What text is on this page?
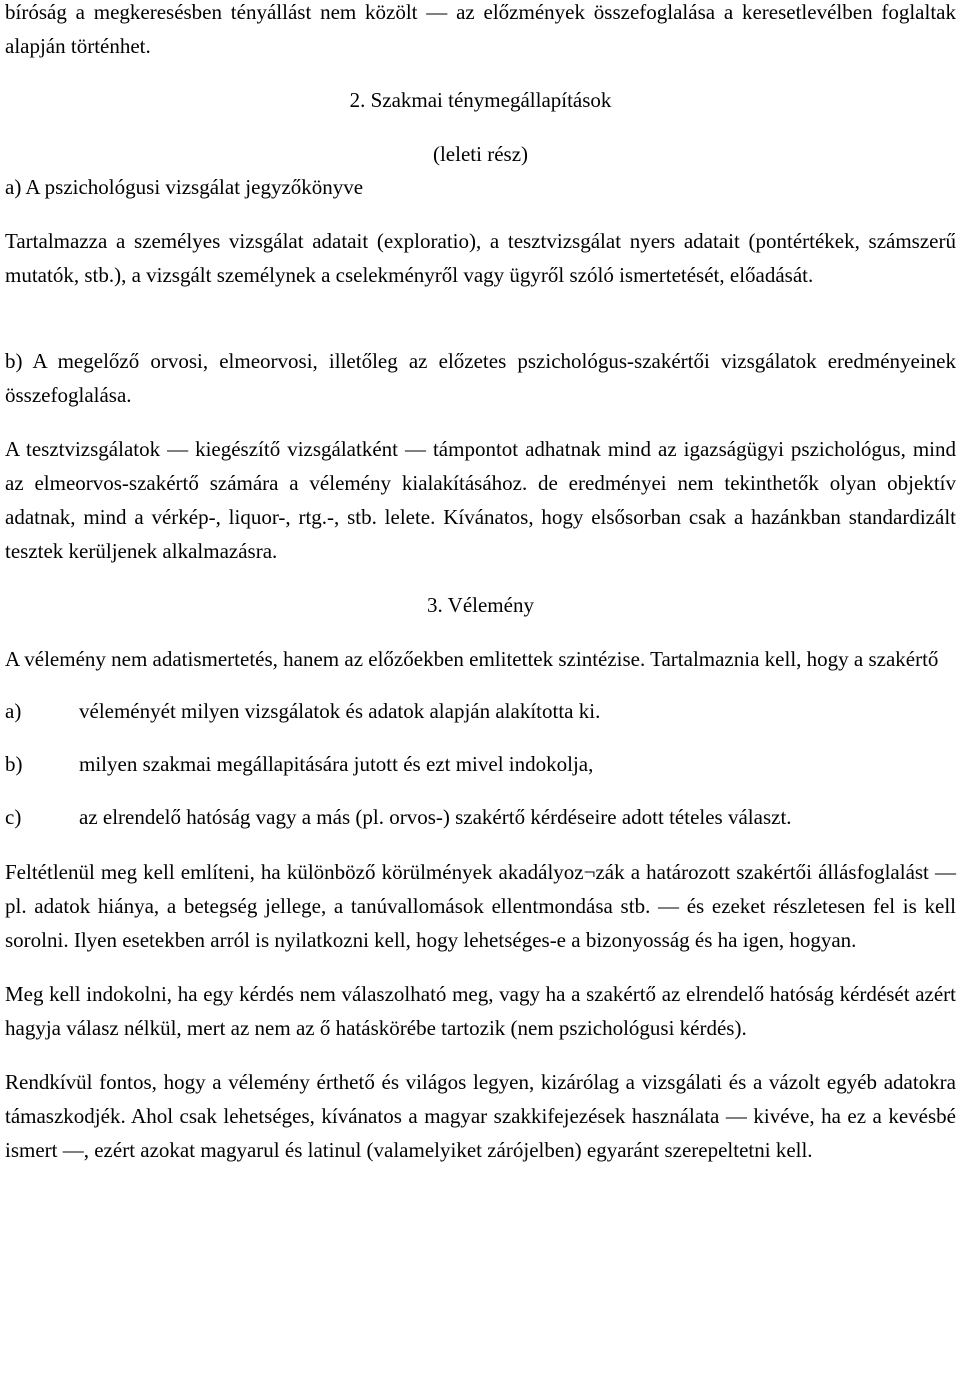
bíróság a megkeresésben tényállást nem közölt — az előzmények összefoglalása a keresetlevélben foglaltak alapján történhet.

2. Szakmai ténymegállapítások

(leleti rész)

a) A pszichológusi vizsgálat jegyzőkönyve

Tartalmazza a személyes vizsgálat adatait (exploratio), a tesztvizsgálat nyers adatait (pontértékek, számszerű mutatók, stb.), a vizsgált személynek a cselekményről vagy ügyről szóló ismertetését, előadását.

b) A megelőző orvosi, elmeorvosi, illetőleg az előzetes pszichológus-szakértői vizsgálatok eredményeinek összefoglalása.

A tesztvizsgálatok — kiegészítő vizsgálatként — támpontot adhatnak mind az igazságügyi pszichológus, mind az elmeorvos-szakértő számára a vélemény kialakításához. de eredményei nem tekinthetők olyan objektív adatnak, mind a vérkép-, liquor-, rtg.-, stb. lelete. Kívánatos, hogy elsősorban csak a hazánkban standardizált tesztek kerüljenek alkalmazásra.

3. Vélemény

A vélemény nem adatismertetés, hanem az előzőekben emlitettek szintézise. Tartalmaznia kell, hogy a szakértő

a)	véleményét milyen vizsgálatok és adatok alapján alakította ki.
b)	milyen szakmai megállapitására jutott és ezt mivel indokolja,
c)	az elrendelő hatóság vagy a más (pl. orvos-) szakértő kérdéseire adott tételes választ.

Feltétlenül meg kell említeni, ha különböző körülmények akadályoz¬zák a határozott szakértői állásfoglalást — pl. adatok hiánya, a betegség jellege, a tanúvallomások ellentmondása stb. — és ezeket részletesen fel is kell sorolni. Ilyen esetekben arról is nyilatkozni kell, hogy lehetséges-e a bizonyosság és ha igen, hogyan.

Meg kell indokolni, ha egy kérdés nem válaszolható meg, vagy ha a szakértő az elrendelő hatóság kérdését azért hagyja válasz nélkül, mert az nem az ő hatáskörébe tartozik (nem pszichológusi kérdés).

Rendkívül fontos, hogy a vélemény érthető és világos legyen, kizárólag a vizsgálati és a vázolt egyéb adatokra támaszkodjék. Ahol csak lehetséges, kívánatos a magyar szakkifejezések használata — kivéve, ha ez a kevésbé ismert —, ezért azokat magyarul és latinul (valamelyiket zárójelben) egyaránt szerepeltetni kell.
